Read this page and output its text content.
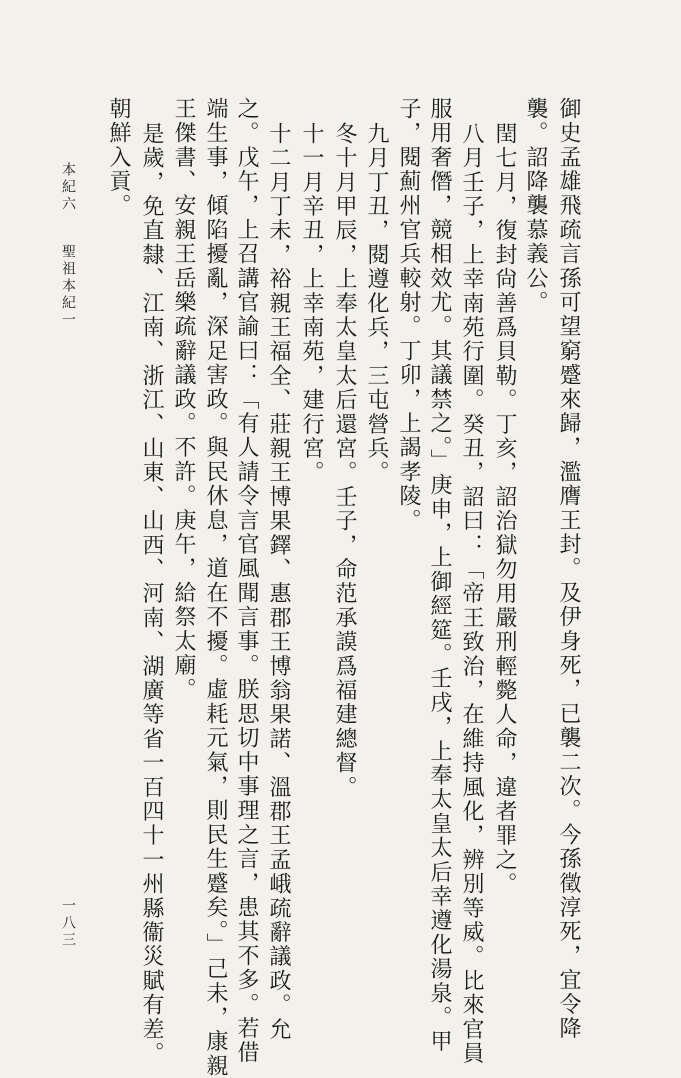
御史孟雄飛疏言孫可望窮蹙來歸，濫膺王封。及伊身死，已襲二次。今孫徵淳死，宜令降
襲。詔降襲慕義公。
閏七月，復封尙善爲貝勒。丁亥，詔治獄勿用嚴刑輕斃人命，違者罪之。
八月壬子，上幸南苑行圍。癸丑，詔曰：「帝王致治，在維持風化，辨別等威。比來官員
服用奢僭，競相效尤。其議禁之。」庚申，上御經筵。壬戌，上奉太皇太后幸遵化湯泉。甲
子，閱薊州官兵較射。丁卯，上謁孝陵。
九月丁丑，閱遵化兵，三屯營兵。
冬十月甲辰，上奉太皇太后還宮。壬子，命范承謨爲福建總督。
十一月辛丑，上幸南苑，建行宮。
十二月丁未，裕親王福全、莊親王博果鐸、惠郡王博翁果諾、溫郡王孟峨疏辭議政。允
之。戊午，上召講官諭曰：「有人請令言官風聞言事。朕思切中事理之言，患其不多。若借
端生事，傾陷擾亂，深足害政。與民休息，道在不擾。虛耗元氣，則民生蹙矣。」己未，康親
王傑書、安親王岳樂疏辭議政。不許。庚午，給祭太廟。
是歲，免直隸、江南、浙江、山東、山西、河南、湖廣等省一百四十一州縣衞災賦有差。
朝鮮入貢。
本紀六
聖祖本紀一
一八三
